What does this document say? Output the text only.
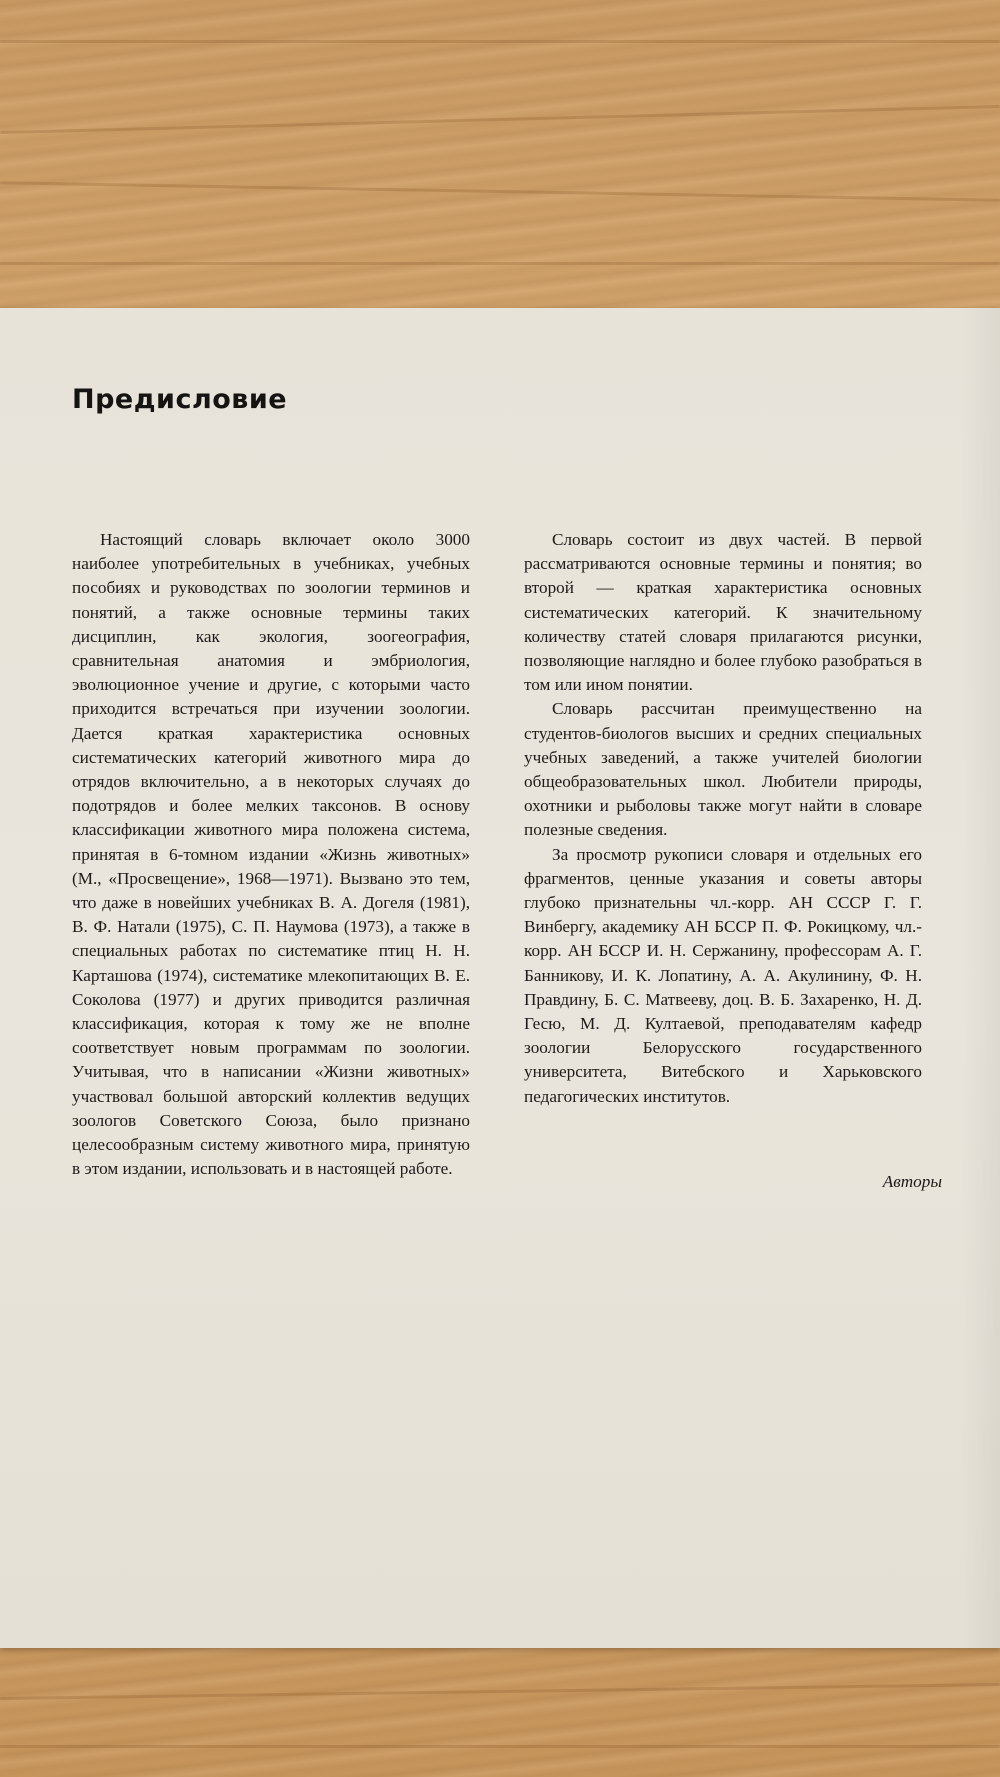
Предисловие

Настоящий словарь включает около 3000 наиболее употребительных в учебниках, учебных пособиях и руководствах по зоологии терминов и понятий, а также основные термины таких дисциплин, как экология, зоогеография, сравнительная анатомия и эмбриология, эволюционное учение и другие, с которыми часто приходится встречаться при изучении зоологии. Дается краткая характеристика основных систематических категорий животного мира до отрядов включительно, а в некоторых случаях до подотрядов и более мелких таксонов. В основу классификации животного мира положена система, принятая в 6-томном издании «Жизнь животных» (М., «Просвещение», 1968—1971). Вызвано это тем, что даже в новейших учебниках В. А. Догеля (1981), В. Ф. Натали (1975), С. П. Наумова (1973), а также в специальных работах по систематике птиц Н. Н. Карташова (1974), систематике млекопитающих В. Е. Соколова (1977) и других приводится различная классификация, которая к тому же не вполне соответствует новым программам по зоологии. Учитывая, что в написании «Жизни животных» участвовал большой авторский коллектив ведущих зоологов Советского Союза, было признано целесообразным систему животного мира, принятую в этом издании, использовать и в настоящей работе.

Словарь состоит из двух частей. В первой рассматриваются основные термины и понятия; во второй — краткая характеристика основных систематических категорий. К значительному количеству статей словаря прилагаются рисунки, позволяющие наглядно и более глубоко разобраться в том или ином понятии.

Словарь рассчитан преимущественно на студентов-биологов высших и средних специальных учебных заведений, а также учителей биологии общеобразовательных школ. Любители природы, охотники и рыболовы также могут найти в словаре полезные сведения.

За просмотр рукописи словаря и отдельных его фрагментов, ценные указания и советы авторы глубоко признательны чл.-корр. АН СССР Г. Г. Винбергу, академику АН БССР П. Ф. Рокицкому, чл.-корр. АН БССР И. Н. Сержанину, профессорам А. Г. Банникову, И. К. Лопатину, А. А. Акулинину, Ф. Н. Правдину, Б. С. Матвееву, доц. В. Б. Захаренко, Н. Д. Гесю, М. Д. Култаевой, преподавателям кафедр зоологии Белорусского государственного университета, Витебского и Харьковского педагогических институтов.

Авторы
